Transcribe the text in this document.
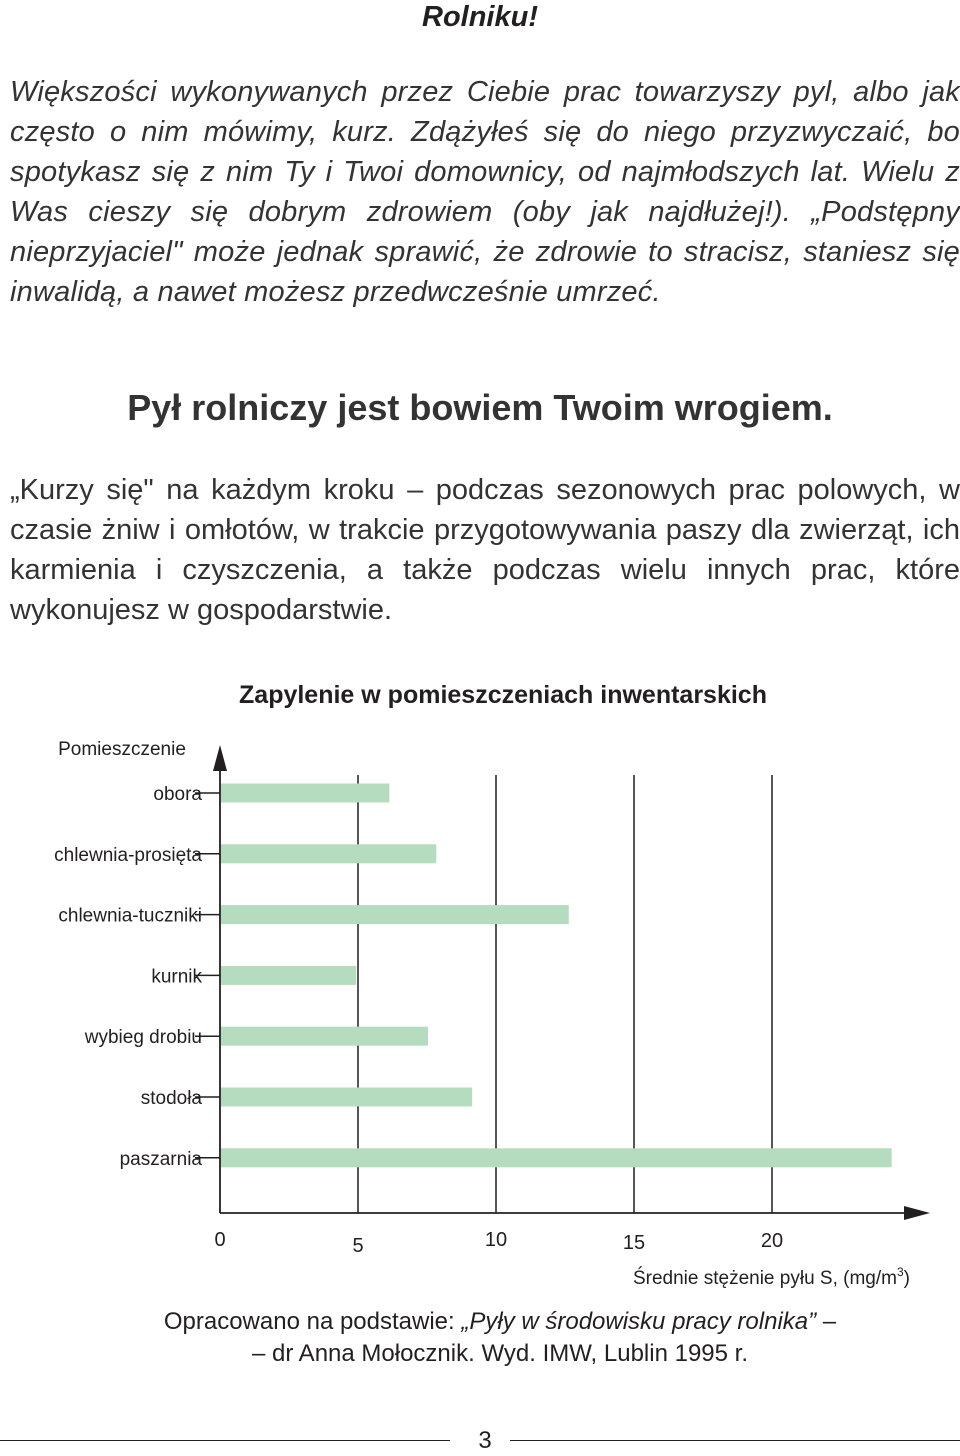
Rolniku!

Większości wykonywanych przez Ciebie prac towarzyszy pyl, albo jak często o nim mówimy, kurz. Zdążyłeś się do niego przyzwyczaić, bo spotykasz się z nim Ty i Twoi domownicy, od najmłodszych lat. Wielu z Was cieszy się dobrym zdrowiem (oby jak najdłużej!). „Podstępny nieprzyjaciel" może jednak sprawić, że zdrowie to stracisz, staniesz się inwalidą, a nawet możesz przedwcześnie umrzeć.

Pył rolniczy jest bowiem Twoim wrogiem.

„Kurzy się" na każdym kroku – podczas sezonowych prac polowych, w czasie żniw i omłotów, w trakcie przygotowywania paszy dla zwierząt, ich karmienia i czyszczenia, a także podczas wielu innych prac, które wykonujesz w gospodarstwie.

Zapylenie w pomieszczeniach inwentarskich
obora
chlewnia-prosięta
chlewnia-tuczniki
kurnik
wybieg drobiu
stodoła
paszarnia
0	5	10	15	20
Pomieszczenie
Średnie stężenie pyłu S, $(mg/m^3)$

Opracowano na podstawie: „Pyły w środowisku pracy rolnika” –
– dr Anna Mołocznik. Wyd. IMW, Lublin 1995 r.

3
